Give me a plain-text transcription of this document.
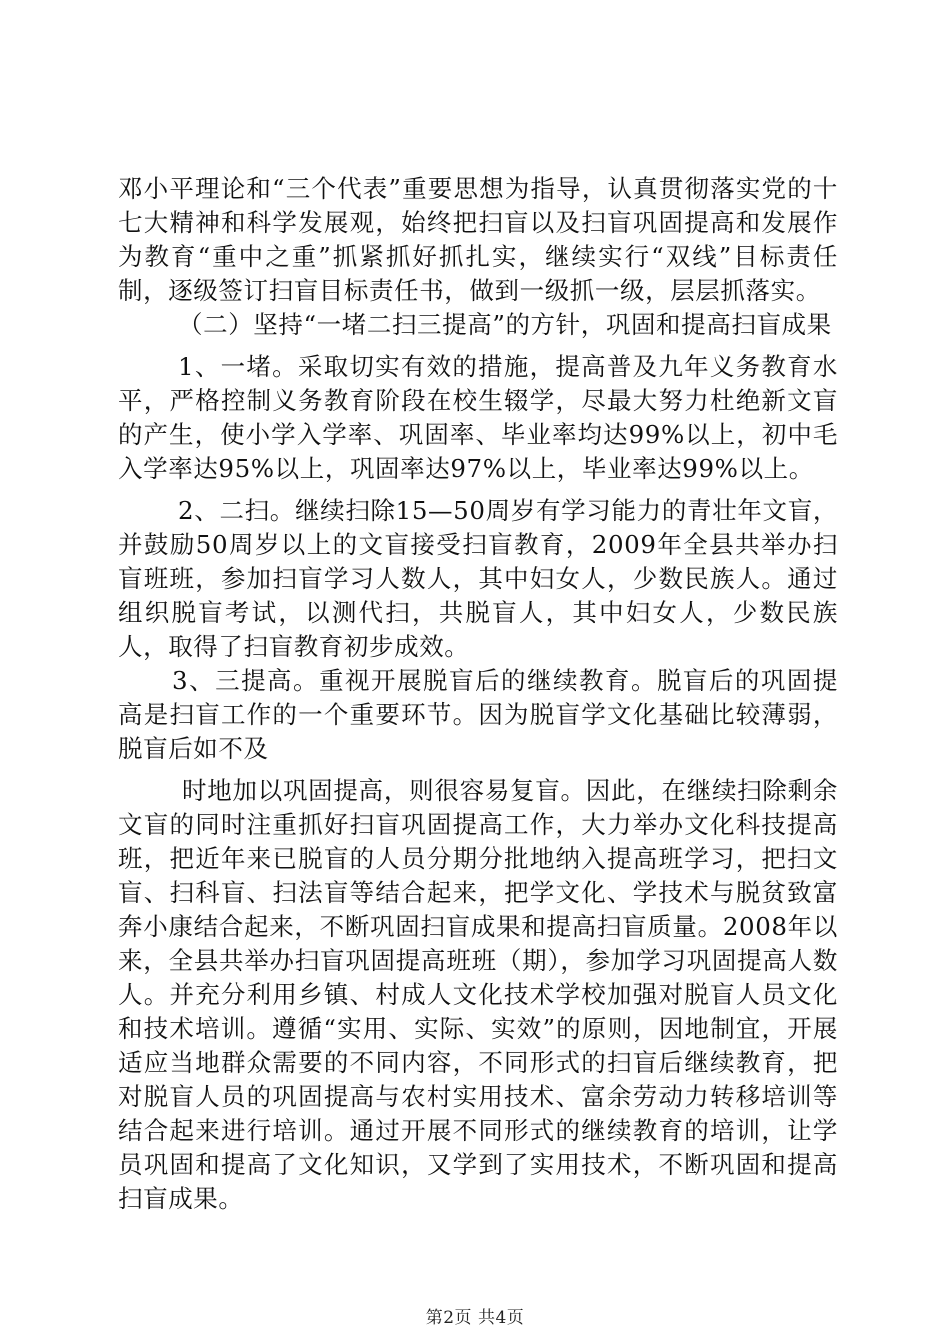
邓小平理论和“三个代表”重要思想为指导，认真贯彻落实党的十七大精神和科学发展观，始终把扫盲以及扫盲巩固提高和发展作为教育“重中之重”抓紧抓好抓扎实，继续实行“双线”目标责任制，逐级签订扫盲目标责任书，做到一级抓一级，层层抓落实。

（二）坚持“一堵二扫三提高”的方针，巩固和提高扫盲成果

1、一堵。采取切实有效的措施，提高普及九年义务教育水平，严格控制义务教育阶段在校生辍学，尽最大努力杜绝新文盲的产生，使小学入学率、巩固率、毕业率均达99%以上，初中毛入学率达95%以上，巩固率达97%以上，毕业率达99%以上。

2、二扫。继续扫除15—50周岁有学习能力的青壮年文盲，并鼓励50周岁以上的文盲接受扫盲教育，2009年全县共举办扫盲班班，参加扫盲学习人数人，其中妇女人，少数民族人。通过组织脱盲考试，以测代扫，共脱盲人，其中妇女人，少数民族人，取得了扫盲教育初步成效。

3、三提高。重视开展脱盲后的继续教育。脱盲后的巩固提高是扫盲工作的一个重要环节。因为脱盲学文化基础比较薄弱，脱盲后如不及

时地加以巩固提高，则很容易复盲。因此，在继续扫除剩余文盲的同时注重抓好扫盲巩固提高工作，大力举办文化科技提高班，把近年来已脱盲的人员分期分批地纳入提高班学习，把扫文盲、扫科盲、扫法盲等结合起来，把学文化、学技术与脱贫致富奔小康结合起来，不断巩固扫盲成果和提高扫盲质量。2008年以来，全县共举办扫盲巩固提高班班（期），参加学习巩固提高人数人。并充分利用乡镇、村成人文化技术学校加强对脱盲人员文化和技术培训。遵循“实用、实际、实效”的原则，因地制宜，开展适应当地群众需要的不同内容，不同形式的扫盲后继续教育，把对脱盲人员的巩固提高与农村实用技术、富余劳动力转移培训等结合起来进行培训。通过开展不同形式的继续教育的培训，让学员巩固和提高了文化知识，又学到了实用技术，不断巩固和提高扫盲成果。

第2页 共4页
